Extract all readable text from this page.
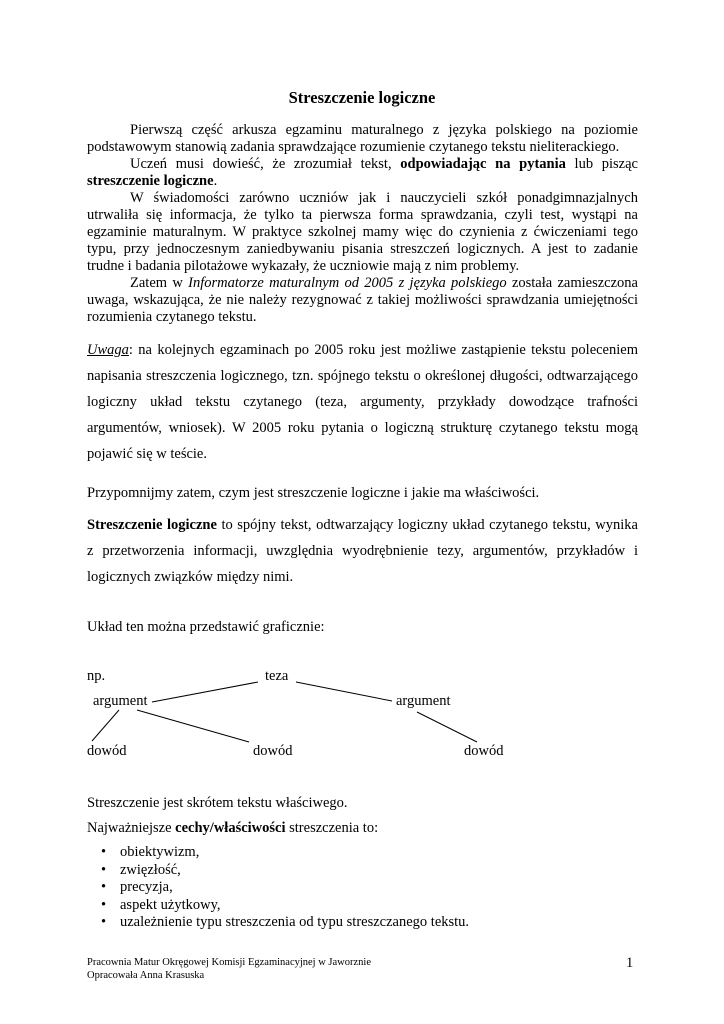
Streszczenie logiczne

Pierwszą część arkusza egzaminu maturalnego z języka polskiego na poziomie podstawowym stanowią zadania sprawdzające rozumienie czytanego tekstu nieliterackiego.

Uczeń musi dowieść, że zrozumiał tekst, odpowiadając na pytania lub pisząc streszczenie logiczne.

W świadomości zarówno uczniów jak i nauczycieli szkół ponadgimnazjalnych utrwaliła się informacja, że tylko ta pierwsza forma sprawdzania, czyli test, wystąpi na egzaminie maturalnym. W praktyce szkolnej mamy więc do czynienia z ćwiczeniami tego typu, przy jednoczesnym zaniedbywaniu pisania streszczeń logicznych. A jest to zadanie trudne i badania pilotażowe wykazały, że uczniowie mają z nim problemy.

Zatem w Informatorze maturalnym od 2005 z języka polskiego została zamieszczona uwaga, wskazująca, że nie należy rezygnować z takiej możliwości sprawdzania umiejętności rozumienia czytanego tekstu.

Uwaga: na kolejnych egzaminach po 2005 roku jest możliwe zastąpienie tekstu poleceniem napisania streszczenia logicznego, tzn. spójnego tekstu o określonej długości, odtwarzającego logiczny układ tekstu czytanego (teza, argumenty, przykłady dowodzące trafności argumentów, wniosek). W 2005 roku pytania o logiczną strukturę czytanego tekstu mogą pojawić się w teście.

Przypomnijmy zatem, czym jest streszczenie logiczne i jakie ma właściwości.

Streszczenie logiczne to spójny tekst, odtwarzający logiczny układ czytanego tekstu, wynika z przetworzenia informacji, uwzględnia wyodrębnienie tezy, argumentów, przykładów i logicznych związków między nimi.

Układ ten można przedstawić graficznie:
np.	teza
argument	argument
dowód	dowód	dowód
Streszczenie jest skrótem tekstu właściwego.
Najważniejsze cechy/właściwości streszczenia to:
• obiektywizm,
• zwięzłość,
• precyzja,
• aspekt użytkowy,
• uzależnienie typu streszczenia od typu streszczanego tekstu.
Pracownia Matur Okręgowej Komisji Egzaminacyjnej w Jaworznie
Opracowała Anna Krasuska
1
